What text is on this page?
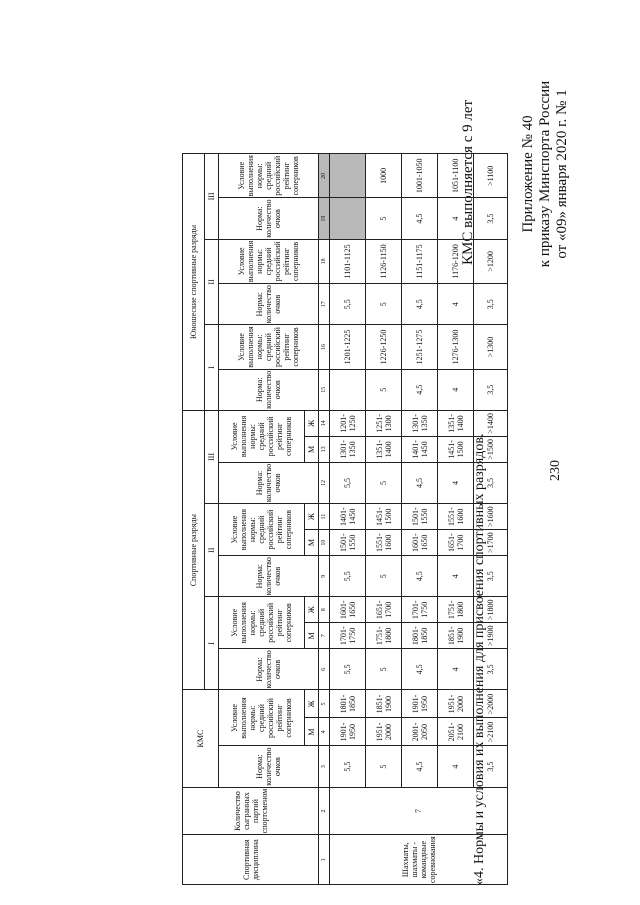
230
Приложение № 40 к приказу Минспорта России от «09» января 2020 г. № 1
КМС выполняется с 9 лет
«4. Нормы и условия их выполнения для присвоения спортивных разрядов.
Спортивная дисциплина	Количество сыгранных партий спортсменом	КМС			Спортивные разряды									Юношеские спортивные разряды					
					I			II			III			I		II		III	
		Норма: количество очков	Условие выполнения нормы: средний российский рейтинг соперников		Норма: количество очков	Условие выполнения нормы: средний российский рейтинг соперников		Норма: количество очков	Условие выполнения нормы: средний российский рейтинг соперников		Норма: количество очков	Условие выполнения нормы: средний российский рейтинг соперников		Норма: количество очков	Условие выполнения нормы: средний российский рейтинг соперников	Норма: количество очков	Условие выполнения нормы: средний российский рейтинг соперников	Норма: количество очков	Условие выполнения нормы: средний российский рейтинг соперников
			М	Ж		М	Ж		М	Ж		М	Ж						
1	2	3	4	5	6	7	8	9	10	11	12	13	14	15	16	17	18	19	20
Шахматы, шахматы - командные соревнования	7	5,5	1901-1950	1801-1850	5,5	1701-1750	1601-1650	5,5	1501-1550	1401-1450	5,5	1301-1350	1201-1250		1201-1225	5,5	1101-1125		
		5	1951-2000	1851-1900	5	1751-1800	1651-1700	5	1551-1600	1451-1500	5	1351-1400	1251-1300	5	1226-1250	5	1126-1150	5	1000
		4,5	2001-2050	1901-1950	4,5	1801-1850	1701-1750	4,5	1601-1650	1501-1550	4,5	1401-1450	1301-1350	4,5	1251-1275	4,5	1151-1175	4,5	1001-1050
		4	2051-2100	1951-2000	4	1851-1900	1751-1800	4	1651-1700	1551-1600	4	1451-1500	1351-1400	4	1276-1300	4	1176-1200	4	1051-1100
		3,5	>2100	>2000	3,5	>1900	>1800	3,5	>1700	>1600	3,5	>1500	>1400	3,5	>1300	3,5	>1200	3,5	>1100
